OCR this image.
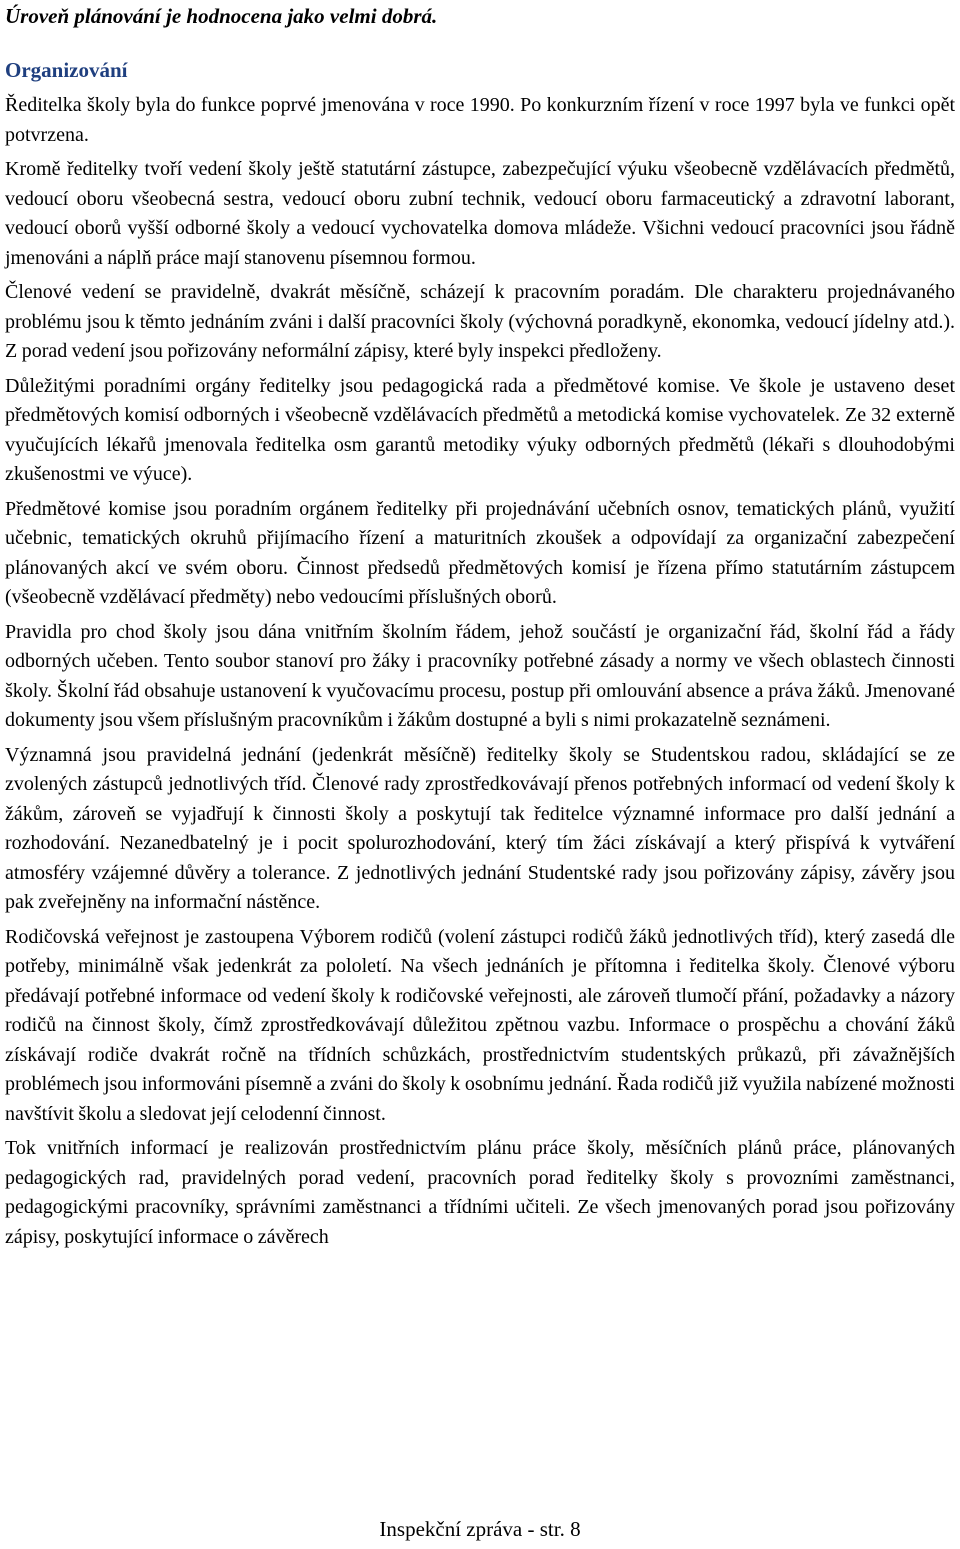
Úroveň plánování je hodnocena jako velmi dobrá.
Organizování

Ředitelka školy byla do funkce poprvé jmenována v roce 1990. Po konkurzním řízení v roce 1997 byla ve funkci opět potvrzena.

Kromě ředitelky tvoří vedení školy ještě statutární zástupce, zabezpečující výuku všeobecně vzdělávacích předmětů, vedoucí oboru všeobecná sestra, vedoucí oboru zubní technik, vedoucí oboru farmaceutický a zdravotní laborant, vedoucí oborů vyšší odborné školy a vedoucí vychovatelka domova mládeže. Všichni vedoucí pracovníci jsou řádně jmenováni a náplň práce mají stanovenu písemnou formou.

Členové vedení se pravidelně, dvakrát měsíčně, scházejí k pracovním poradám. Dle charakteru projednávaného problému jsou k těmto jednáním zváni i další pracovníci školy (výchovná poradkyně, ekonomka, vedoucí jídelny atd.). Z porad vedení jsou pořizovány neformální zápisy, které byly inspekci předloženy.

Důležitými poradními orgány ředitelky jsou pedagogická rada a předmětové komise. Ve škole je ustaveno deset předmětových komisí odborných i všeobecně vzdělávacích předmětů a metodická komise vychovatelek. Ze 32 externě vyučujících lékařů jmenovala ředitelka osm garantů metodiky výuky odborných předmětů (lékaři s dlouhodobými zkušenostmi ve výuce).

Předmětové komise jsou poradním orgánem ředitelky při projednávání učebních osnov, tematických plánů, využití učebnic, tematických okruhů přijímacího řízení a maturitních zkoušek a odpovídají za organizační zabezpečení plánovaných akcí ve svém oboru. Činnost předsedů předmětových komisí je řízena přímo statutárním zástupcem (všeobecně vzdělávací předměty) nebo vedoucími příslušných oborů.

Pravidla pro chod školy jsou dána vnitřním školním řádem, jehož součástí je organizační řád, školní řád a řády odborných učeben. Tento soubor stanoví pro žáky i pracovníky potřebné zásady a normy ve všech oblastech činnosti školy. Školní řád obsahuje ustanovení k vyučovacímu procesu, postup při omlouvání absence a práva žáků. Jmenované dokumenty jsou všem příslušným pracovníkům i žákům dostupné a byli s nimi prokazatelně seznámeni.

Významná jsou pravidelná jednání (jedenkrát měsíčně) ředitelky školy se Studentskou radou, skládající se ze zvolených zástupců jednotlivých tříd. Členové rady zprostředkovávají přenos potřebných informací od vedení školy k žákům, zároveň se vyjadřují k činnosti školy a poskytují tak ředitelce významné informace pro další jednání a rozhodování. Nezanedbatelný je i pocit spolurozhodování, který tím žáci získávají a který přispívá k vytváření atmosféry vzájemné důvěry a tolerance. Z jednotlivých jednání Studentské rady jsou pořizovány zápisy, závěry jsou pak zveřejněny na informační nástěnce.

Rodičovská veřejnost je zastoupena Výborem rodičů (volení zástupci rodičů žáků jednotlivých tříd), který zasedá dle potřeby, minimálně však jedenkrát za pololetí. Na všech jednáních je přítomna i ředitelka školy. Členové výboru předávají potřebné informace od vedení školy k rodičovské veřejnosti, ale zároveň tlumočí přání, požadavky a názory rodičů na činnost školy, čímž zprostředkovávají důležitou zpětnou vazbu. Informace o prospěchu a chování žáků získávají rodiče dvakrát ročně na třídních schůzkách, prostřednictvím studentských průkazů, při závažnějších problémech jsou informováni písemně a zváni do školy k osobnímu jednání. Řada rodičů již využila nabízené možnosti navštívit školu a sledovat její celodenní činnost.

Tok vnitřních informací je realizován prostřednictvím plánu práce školy, měsíčních plánů práce, plánovaných pedagogických rad, pravidelných porad vedení, pracovních porad ředitelky školy s provozními zaměstnanci, pedagogickými pracovníky, správními zaměstnanci a třídními učiteli. Ze všech jmenovaných porad jsou pořizovány zápisy, poskytující informace o závěrech

Inspekční zpráva - str. 8
